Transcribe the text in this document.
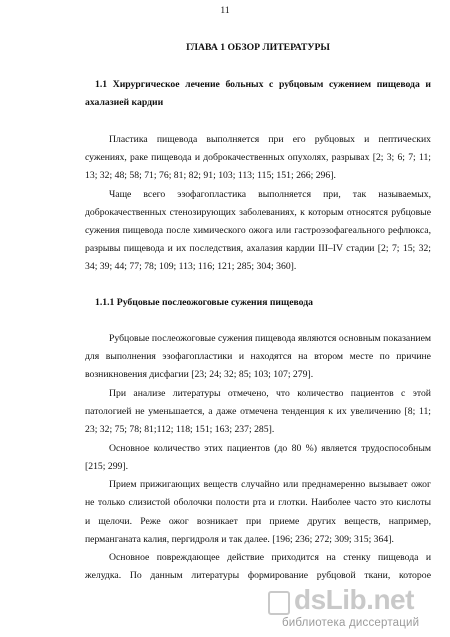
11
ГЛАВА 1 ОБЗОР ЛИТЕРАТУРЫ
1.1 Хирургическое лечение больных с рубцовым сужением пищевода и
ахалазией кардии
Пластика пищевода выполняется при его рубцовых и пептических
сужениях, раке пищевода и доброкачественных опухолях, разрывах [2; 3; 6; 7; 11;
13; 32; 48; 58; 71; 76; 81; 82; 91; 103; 113; 115; 151; 266; 296].
Чаще всего эзофагопластика выполняется при, так называемых,
доброкачественных стенозирующих заболеваниях, к которым относятся рубцовые
сужения пищевода после химического ожога или гастроэзофагеального рефлюкса,
разрывы пищевода и их последствия, ахалазия кардии III–IV стадии [2; 7; 15; 32;
34; 39; 44; 77; 78; 109; 113; 116; 121; 285; 304; 360].
1.1.1 Рубцовые послеожоговые сужения пищевода
Рубцовые послеожоговые сужения пищевода являются основным показанием
для выполнения эзофагопластики и находятся на втором месте по причине
возникновения дисфагии [23; 24; 32; 85; 103; 107; 279].
При анализе литературы отмечено, что количество пациентов с этой
патологией не уменьшается, а даже отмечена тенденция к их увеличению [8; 11;
23; 32; 75; 78; 81;112; 118; 151; 163; 237; 285].
Основное количество этих пациентов (до 80 %) является трудоспособным
[215; 299].
Прием прижигающих веществ случайно или преднамеренно вызывает ожог
не только слизистой оболочки полости рта и глотки. Наиболее часто это кислоты
и щелочи. Реже ожог возникает при приеме других веществ, например,
перманганата калия, пергидроля и так далее. [196; 236; 272; 309; 315; 364].
Основное повреждающее действие приходится на стенку пищевода и
желудка. По данным литературы формирование рубцовой ткани, которое
dsLib.net
библиотека диссертаций
